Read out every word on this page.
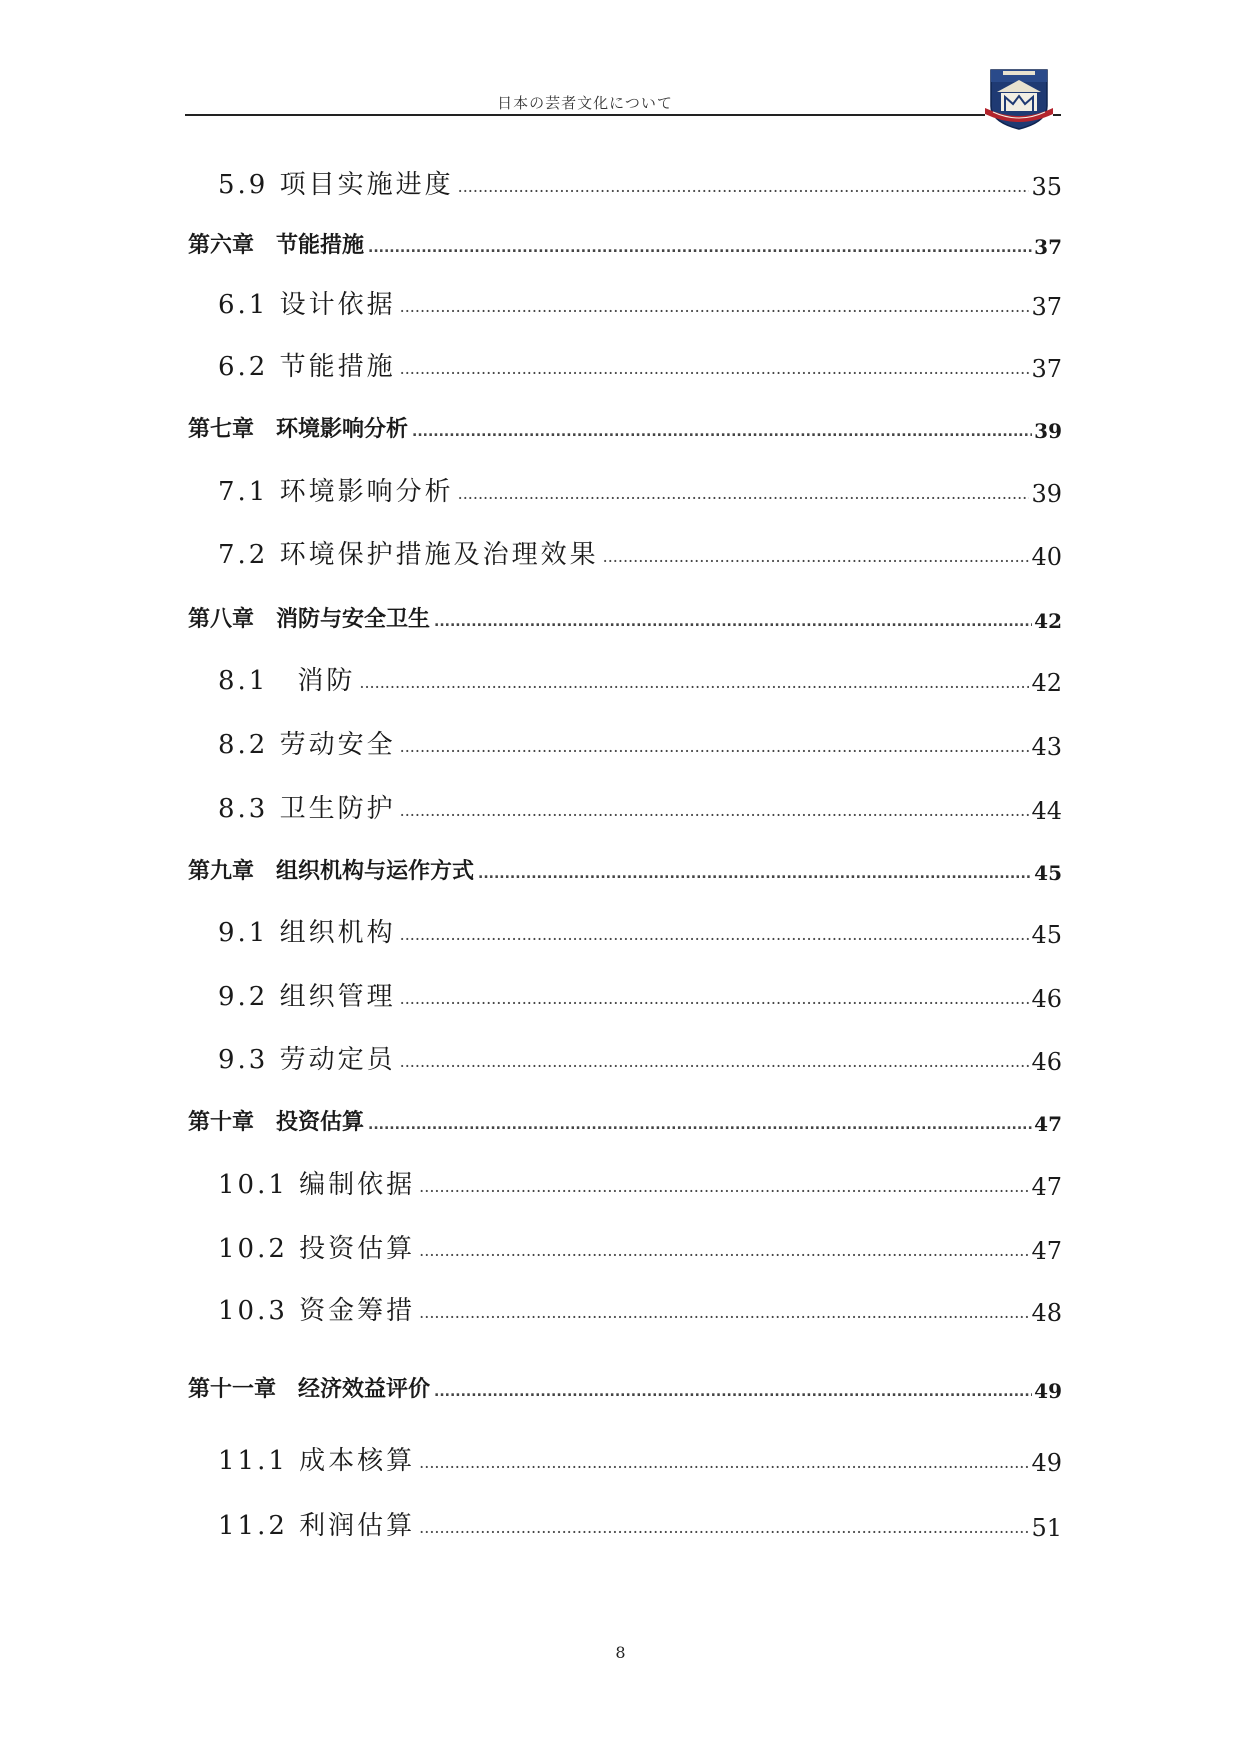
日本の芸者文化について
5.9 项目实施进度 .....	35
第六章　节能措施 .....	37
6.1 设计依据 .....	37
6.2 节能措施 .....	37
第七章　环境影响分析 .....	39
7.1 环境影响分析 .....	39
7.2 环境保护措施及治理效果 .....	40
第八章　消防与安全卫生 .....	42
8.1　消防 .....	42
8.2 劳动安全 .....	43
8.3 卫生防护 .....	44
第九章　组织机构与运作方式 .....	45
9.1 组织机构 .....	45
9.2 组织管理 .....	46
9.3 劳动定员 .....	46
第十章　投资估算 .....	47
10.1 编制依据 .....	47
10.2 投资估算 .....	47
10.3 资金筹措 .....	48
第十一章　经济效益评价 .....	49
11.1 成本核算 .....	49
11.2 利润估算 .....	51
8
